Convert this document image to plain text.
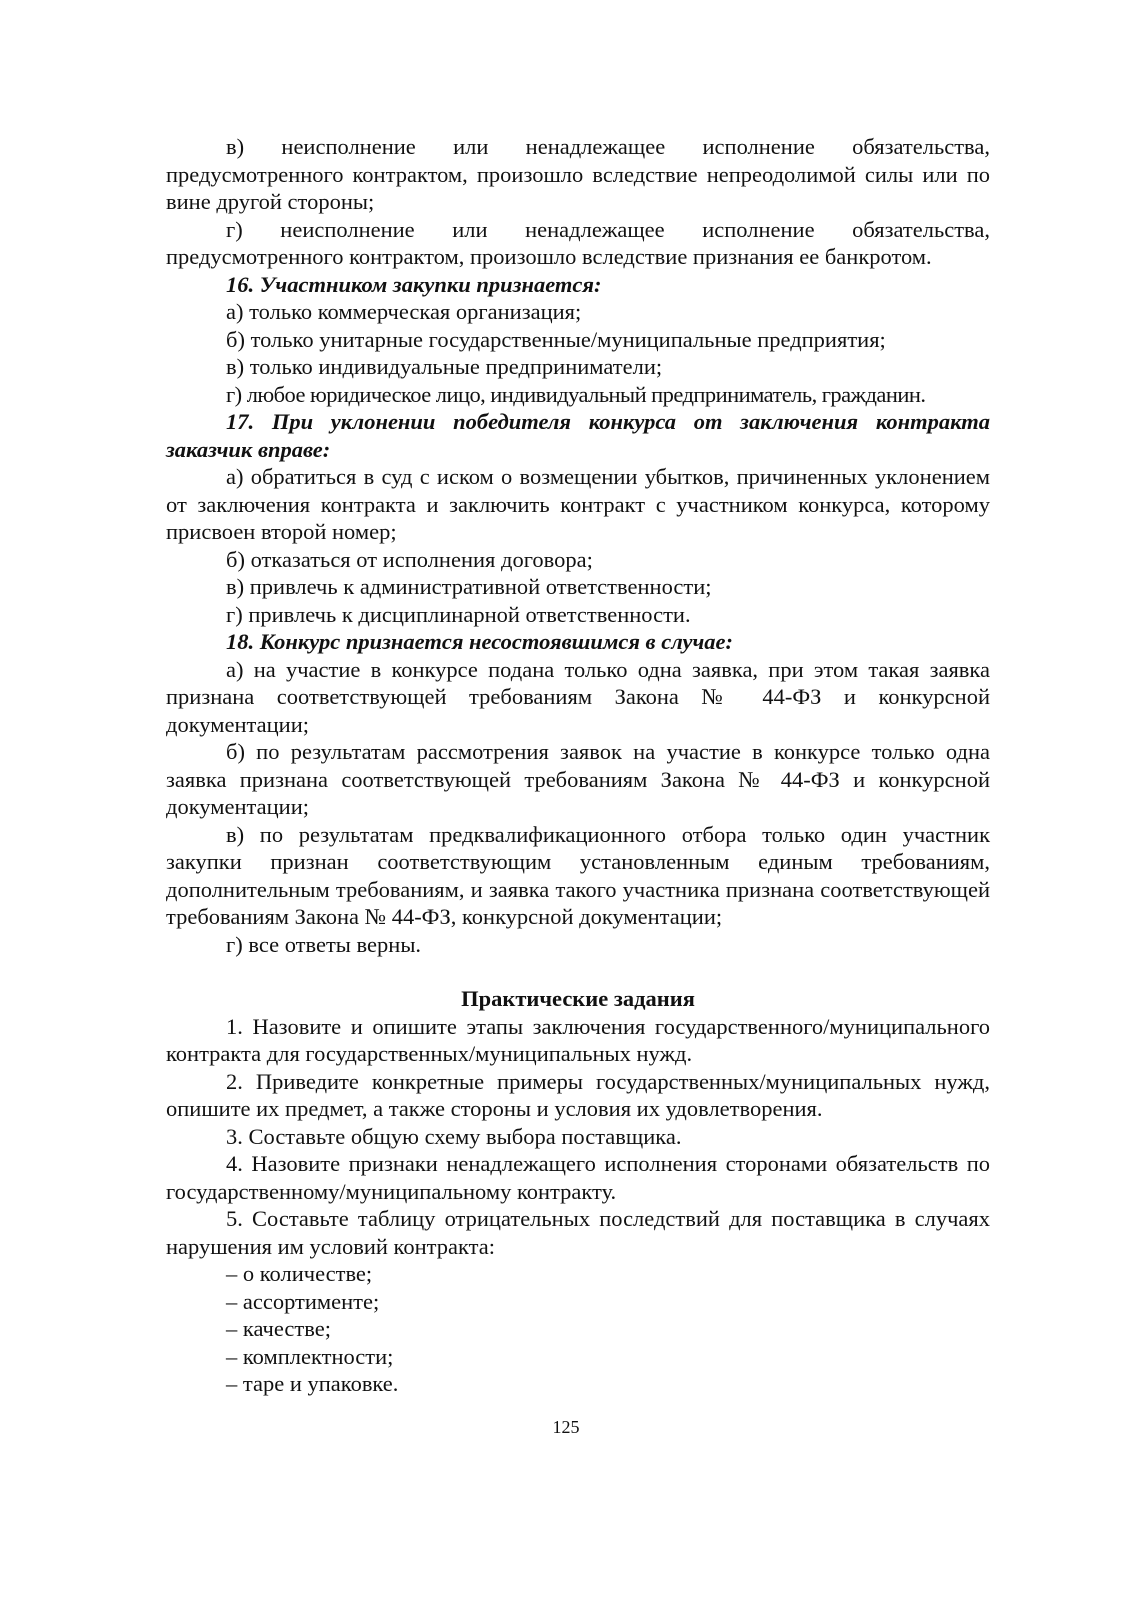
в) неисполнение или ненадлежащее исполнение обязательства, предусмотренного контрактом, произошло вследствие непреодолимой силы или по вине другой стороны;

г) неисполнение или ненадлежащее исполнение обязательства, предусмотренного контрактом, произошло вследствие признания ее банкротом.

16. Участником закупки признается:

а) только коммерческая организация;

б) только унитарные государственные/муниципальные предприятия;

в) только индивидуальные предприниматели;

г) любое юридическое лицо, индивидуальный предприниматель, гражданин.

17. При уклонении победителя конкурса от заключения контракта заказчик вправе:

а) обратиться в суд с иском о возмещении убытков, причиненных уклонением от заключения контракта и заключить контракт с участником конкурса, которому присвоен второй номер;

б) отказаться от исполнения договора;

в) привлечь к административной ответственности;

г) привлечь к дисциплинарной ответственности.

18. Конкурс признается несостоявшимся в случае:

а) на участие в конкурсе подана только одна заявка, при этом такая заявка признана соответствующей требованиям Закона № 44-ФЗ и конкурсной документации;

б) по результатам рассмотрения заявок на участие в конкурсе только одна заявка признана соответствующей требованиям Закона № 44-ФЗ и конкурсной документации;

в) по результатам предквалификационного отбора только один участник закупки признан соответствующим установленным единым требованиям, дополнительным требованиям, и заявка такого участника признана соответствующей требованиям Закона № 44-ФЗ, конкурсной документации;

г) все ответы верны.

Практические задания

1. Назовите и опишите этапы заключения государственного/муниципального контракта для государственных/муниципальных нужд.

2. Приведите конкретные примеры государственных/муниципальных нужд, опишите их предмет, а также стороны и условия их удовлетворения.

3. Составьте общую схему выбора поставщика.

4. Назовите признаки ненадлежащего исполнения сторонами обязательств по государственному/муниципальному контракту.

5. Составьте таблицу отрицательных последствий для поставщика в случаях нарушения им условий контракта:

– о количестве;

– ассортименте;

– качестве;

– комплектности;

– таре и упаковке.

125
